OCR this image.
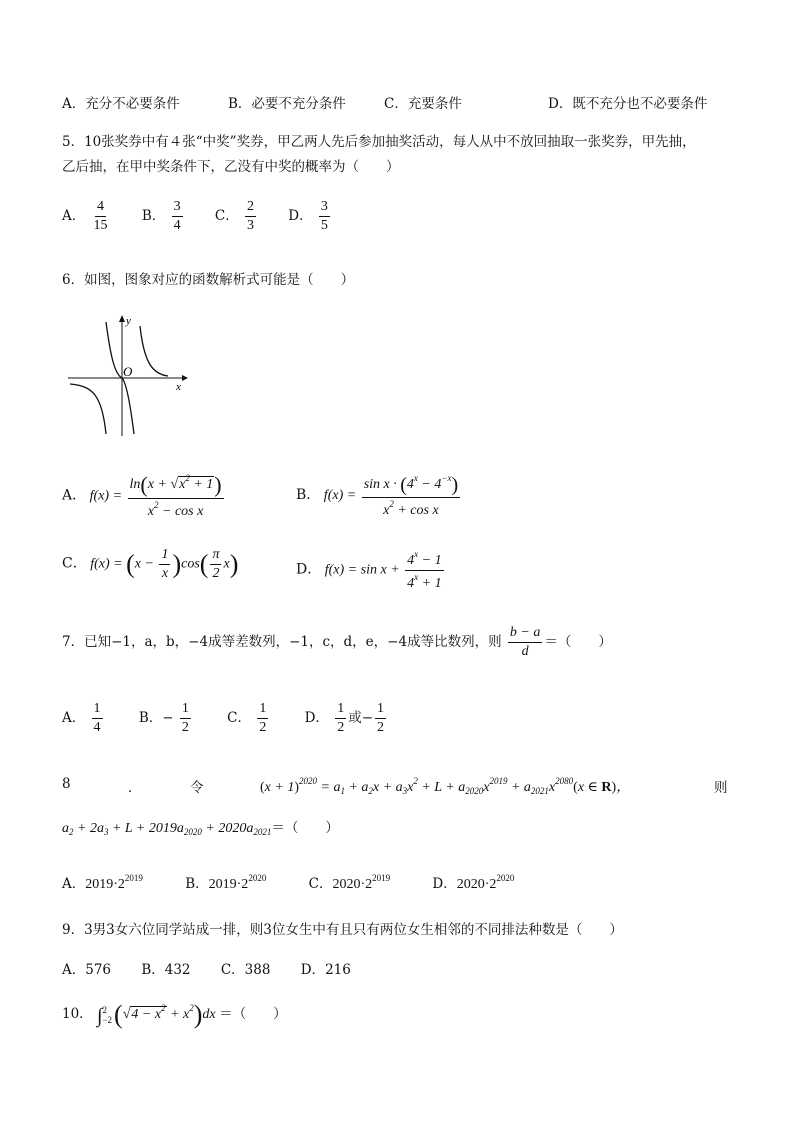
A．充分不必要条件	B．必要不充分条件	C．充要条件	D．既不充分也不必要条件
5．10张奖券中有４张“中奖”奖券，甲乙两人先后参加抽奖活动，每人从中不放回抽取一张奖券，甲先抽，
乙后抽，在甲中奖条件下，乙没有中奖的概率为（　　）
A． $\frac{4}{15}$ B． $\frac{3}{4}$ C． $\frac{2}{3}$ D． $\frac{3}{5}$
6．如图，图象对应的函数解析式可能是（　　）
y
x
O
A． $f(x) = \frac{\ln(x + √x^2 + 1)}{x^2 - \cos x}$	B． $f(x) = \frac{\sin x \cdot (4^x - 4^{-x})}{x^2 + \cos x}$
C． $f(x) = (x - \frac{1}{x} )\cos( \frac{\pi}{2} x)$	D． $f(x) = \sin x + \frac{4^x - 1}{4^x + 1}$
7．已知−1，a，b，−4成等差数列，−1，c，d，e，−4成等比数列，则 $\frac{b - a}{d}$ ＝（　　）
A． $\frac{1}{4}$	B．− $\frac{1}{2}$	C． $\frac{1}{2}$	D． $\frac{1}{2}$ 或− $\frac{1}{2}$
8	．	令	$(x + 1)^{2020} = a_1 + a_2x + a_3x^2 + L + a_{2020}x^{2019} + a_{2021}x^{2080}(x$ ∈ R)，	则
$a_2 + 2a_3 + L + 2019a_{2020} + 2020a_{2021}=$（　　）
A．$2019\cdot 2^{2019}$	B．$2019\cdot 2^{2020}$	C．$2020\cdot 2^{2019}$	D．$2020\cdot 2^{2020}$
9．3男3女六位同学站成一排，则3位女生中有且只有两位女生相邻的不同排法种数是（　　）
A．576 B．432 C．388 D．216
10． ∫ 2
−2 $(√4 - x^2 + x^2)dx$ ＝（　　）
